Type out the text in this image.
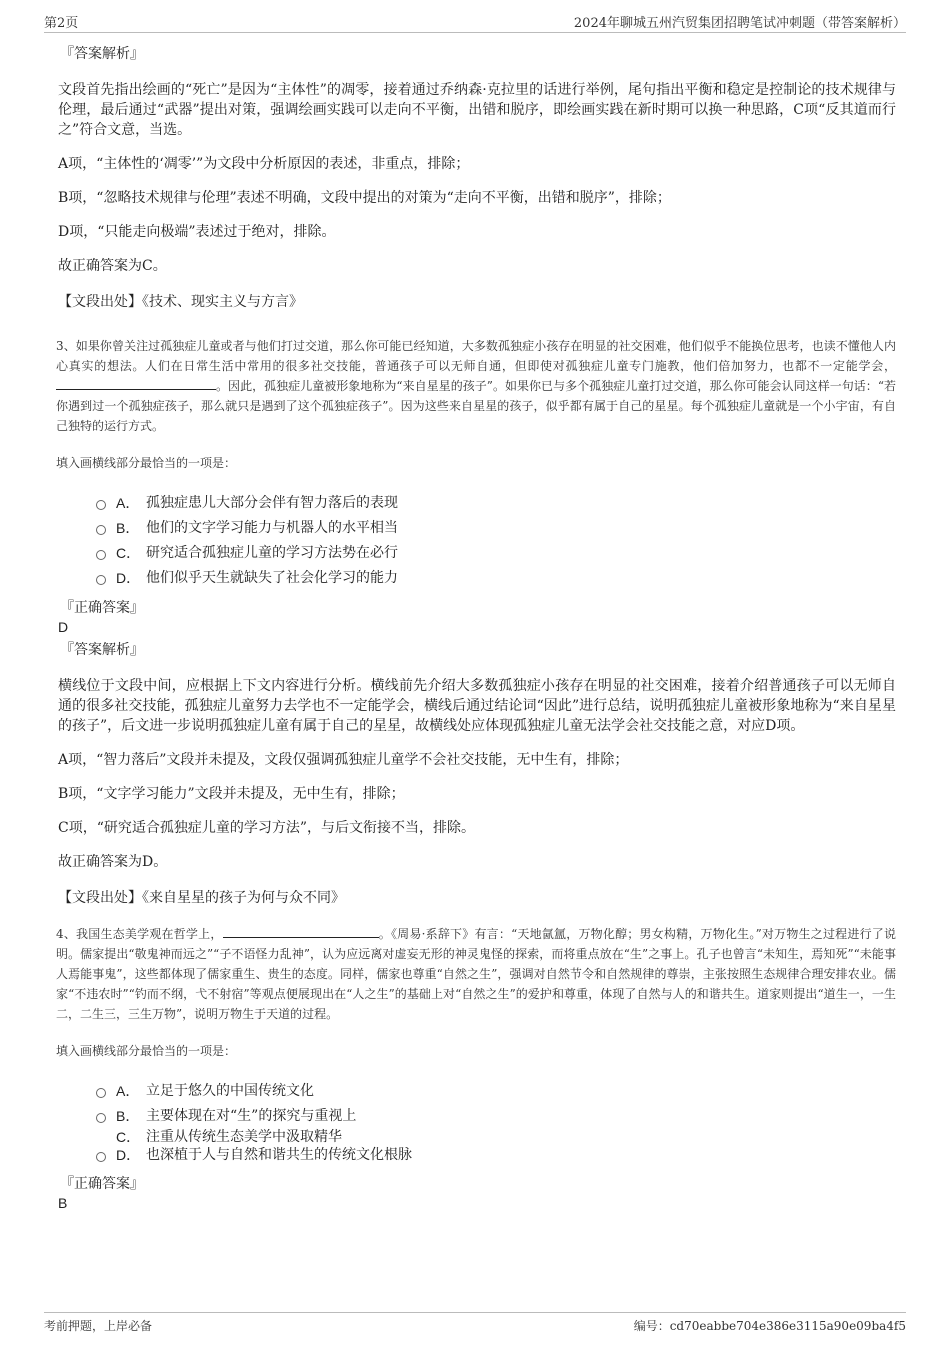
第2页	2024年聊城五州汽贸集团招聘笔试冲刺题（带答案解析）
『答案解析』
文段首先指出绘画的“死亡”是因为“主体性”的凋零，接着通过乔纳森·克拉里的话进行举例，尾句指出平衡和稳定是控制论的技术规律与伦理，最后通过“武器”提出对策，强调绘画实践可以走向不平衡，出错和脱序，即绘画实践在新时期可以换一种思路，C项“反其道而行之”符合文意，当选。
A项，“主体性的‘凋零’”为文段中分析原因的表述，非重点，排除；
B项，“忽略技术规律与伦理”表述不明确，文段中提出的对策为“走向不平衡，出错和脱序”，排除；
D项，“只能走向极端”表述过于绝对，排除。
故正确答案为C。
【文段出处】《技术、现实主义与方言》
3、如果你曾关注过孤独症儿童或者与他们打过交道，那么你可能已经知道，大多数孤独症小孩存在明显的社交困难，他们似乎不能换位思考，也读不懂他人内心真实的想法。人们在日常生活中常用的很多社交技能，普通孩子可以无师自通，但即使对孤独症儿童专门施教，他们倍加努力，也都不一定能学会，。因此，孤独症儿童被形象地称为“来自星星的孩子”。如果你已与多个孤独症儿童打过交道，那么你可能会认同这样一句话：“若你遇到过一个孤独症孩子，那么就只是遇到了这个孤独症孩子”。因为这些来自星星的孩子，似乎都有属于自己的星星。每个孤独症儿童就是一个小宇宙，有自己独特的运行方式。
填入画横线部分最恰当的一项是：
A． 孤独症患儿大部分会伴有智力落后的表现
B． 他们的文字学习能力与机器人的水平相当
C． 研究适合孤独症儿童的学习方法势在必行
D． 他们似乎天生就缺失了社会化学习的能力
『正确答案』
D
『答案解析』
横线位于文段中间，应根据上下文内容进行分析。横线前先介绍大多数孤独症小孩存在明显的社交困难，接着介绍普通孩子可以无师自通的很多社交技能，孤独症儿童努力去学也不一定能学会，横线后通过结论词“因此”进行总结，说明孤独症儿童被形象地称为“来自星星的孩子”，后文进一步说明孤独症儿童有属于自己的星星，故横线处应体现孤独症儿童无法学会社交技能之意，对应D项。
A项，“智力落后”文段并未提及，文段仅强调孤独症儿童学不会社交技能，无中生有，排除；
B项，“文字学习能力”文段并未提及，无中生有，排除；
C项，“研究适合孤独症儿童的学习方法”，与后文衔接不当，排除。
故正确答案为D。
【文段出处】《来自星星的孩子为何与众不同》
4、我国生态美学观在哲学上，	。《周易·系辞下》有言：“天地氤氲，万物化醇；男女构精，万物化生。”对万物生之过程进行了说明。儒家提出“敬鬼神而远之”“子不语怪力乱神”，认为应远离对虚妄无形的神灵鬼怪的探索，而将重点放在“生”之事上。孔子也曾言“未知生，焉知死”“未能事人焉能事鬼”，这些都体现了儒家重生、贵生的态度。同样，儒家也尊重“自然之生”，强调对自然节令和自然规律的尊崇，主张按照生态规律合理安排农业。儒家“不违农时”“钓而不纲，弋不射宿”等观点便展现出在“人之生”的基础上对“自然之生”的爱护和尊重，体现了自然与人的和谐共生。道家则提出“道生一，一生二，二生三，三生万物”，说明万物生于天道的过程。
填入画横线部分最恰当的一项是：
A． 立足于悠久的中国传统文化
B． 主要体现在对“生”的探究与重视上
C． 注重从传统生态美学中汲取精华
D． 也深植于人与自然和谐共生的传统文化根脉
『正确答案』
B
考前押题，上岸必备	编号：cd70eabbe704e386e3115a90e09ba4f5
